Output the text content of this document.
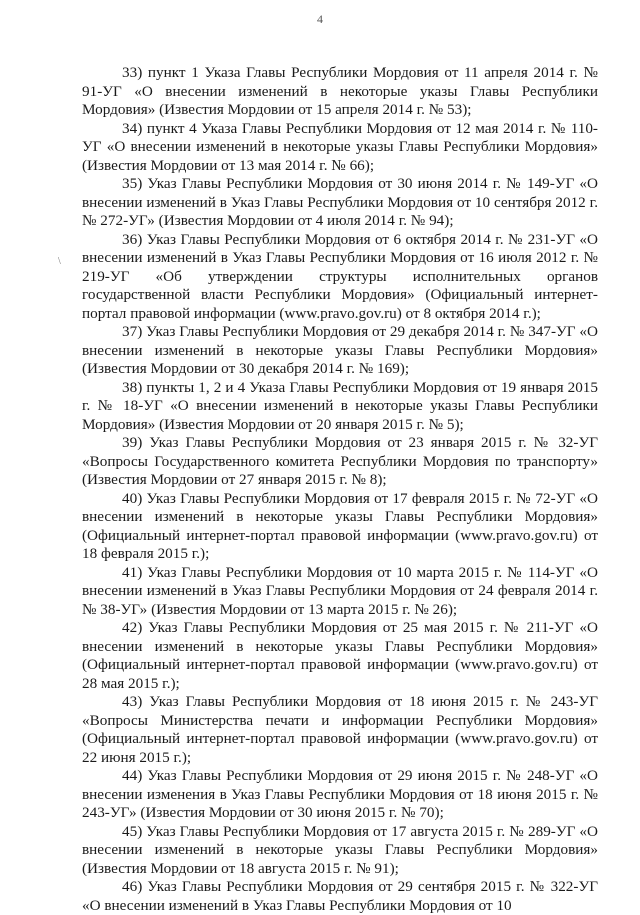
4
\

33) пункт 1 Указа Главы Республики Мордовия от 11 апреля 2014 г. № 91-УГ «О внесении изменений в некоторые указы Главы Республики Мордовия» (Известия Мордовии от 15 апреля 2014 г. № 53);

34) пункт 4 Указа Главы Республики Мордовия от 12 мая 2014 г. № 110-УГ «О внесении изменений в некоторые указы Главы Республики Мордовия» (Известия Мордовии от 13 мая 2014 г. № 66);

35) Указ Главы Республики Мордовия от 30 июня 2014 г. № 149-УГ «О внесении изменений в Указ Главы Республики Мордовия от 10 сентября 2012 г. № 272-УГ» (Известия Мордовии от 4 июля 2014 г. № 94);

36) Указ Главы Республики Мордовия от 6 октября 2014 г. № 231-УГ «О внесении изменений в Указ Главы Республики Мордовия от 16 июля 2012 г. № 219-УГ «Об утверждении структуры исполнительных органов государственной власти Республики Мордовия» (Официальный интернет-портал правовой информации (www.pravo.gov.ru) от 8 октября 2014 г.);

37) Указ Главы Республики Мордовия от 29 декабря 2014 г. № 347-УГ «О внесении изменений в некоторые указы Главы Республики Мордовия» (Известия Мордовии от 30 декабря 2014 г. № 169);

38) пункты 1, 2 и 4 Указа Главы Республики Мордовия от 19 января 2015 г. № 18-УГ «О внесении изменений в некоторые указы Главы Республики Мордовия» (Известия Мордовии от 20 января 2015 г. № 5);

39) Указ Главы Республики Мордовия от 23 января 2015 г. № 32-УГ «Вопросы Государственного комитета Республики Мордовия по транспорту» (Известия Мордовии от 27 января 2015 г. № 8);

40) Указ Главы Республики Мордовия от 17 февраля 2015 г. № 72-УГ «О внесении изменений в некоторые указы Главы Республики Мордовия» (Официальный интернет-портал правовой информации (www.pravo.gov.ru) от 18 февраля 2015 г.);

41) Указ Главы Республики Мордовия от 10 марта 2015 г. № 114-УГ «О внесении изменений в Указ Главы Республики Мордовия от 24 февраля 2014 г. № 38-УГ» (Известия Мордовии от 13 марта 2015 г. № 26);

42) Указ Главы Республики Мордовия от 25 мая 2015 г. № 211-УГ «О внесении изменений в некоторые указы Главы Республики Мордовия» (Официальный интернет-портал правовой информации (www.pravo.gov.ru) от 28 мая 2015 г.);

43) Указ Главы Республики Мордовия от 18 июня 2015 г. № 243-УГ «Вопросы Министерства печати и информации Республики Мордовия» (Официальный интернет-портал правовой информации (www.pravo.gov.ru) от 22 июня 2015 г.);

44) Указ Главы Республики Мордовия от 29 июня 2015 г. № 248-УГ «О внесении изменения в Указ Главы Республики Мордовия от 18 июня 2015 г. № 243-УГ» (Известия Мордовии от 30 июня 2015 г. № 70);

45) Указ Главы Республики Мордовия от 17 августа 2015 г. № 289-УГ «О внесении изменений в некоторые указы Главы Республики Мордовия» (Известия Мордовии от 18 августа 2015 г. № 91);

46) Указ Главы Республики Мордовия от 29 сентября 2015 г. № 322-УГ «О внесении изменений в Указ Главы Республики Мордовия от 10
